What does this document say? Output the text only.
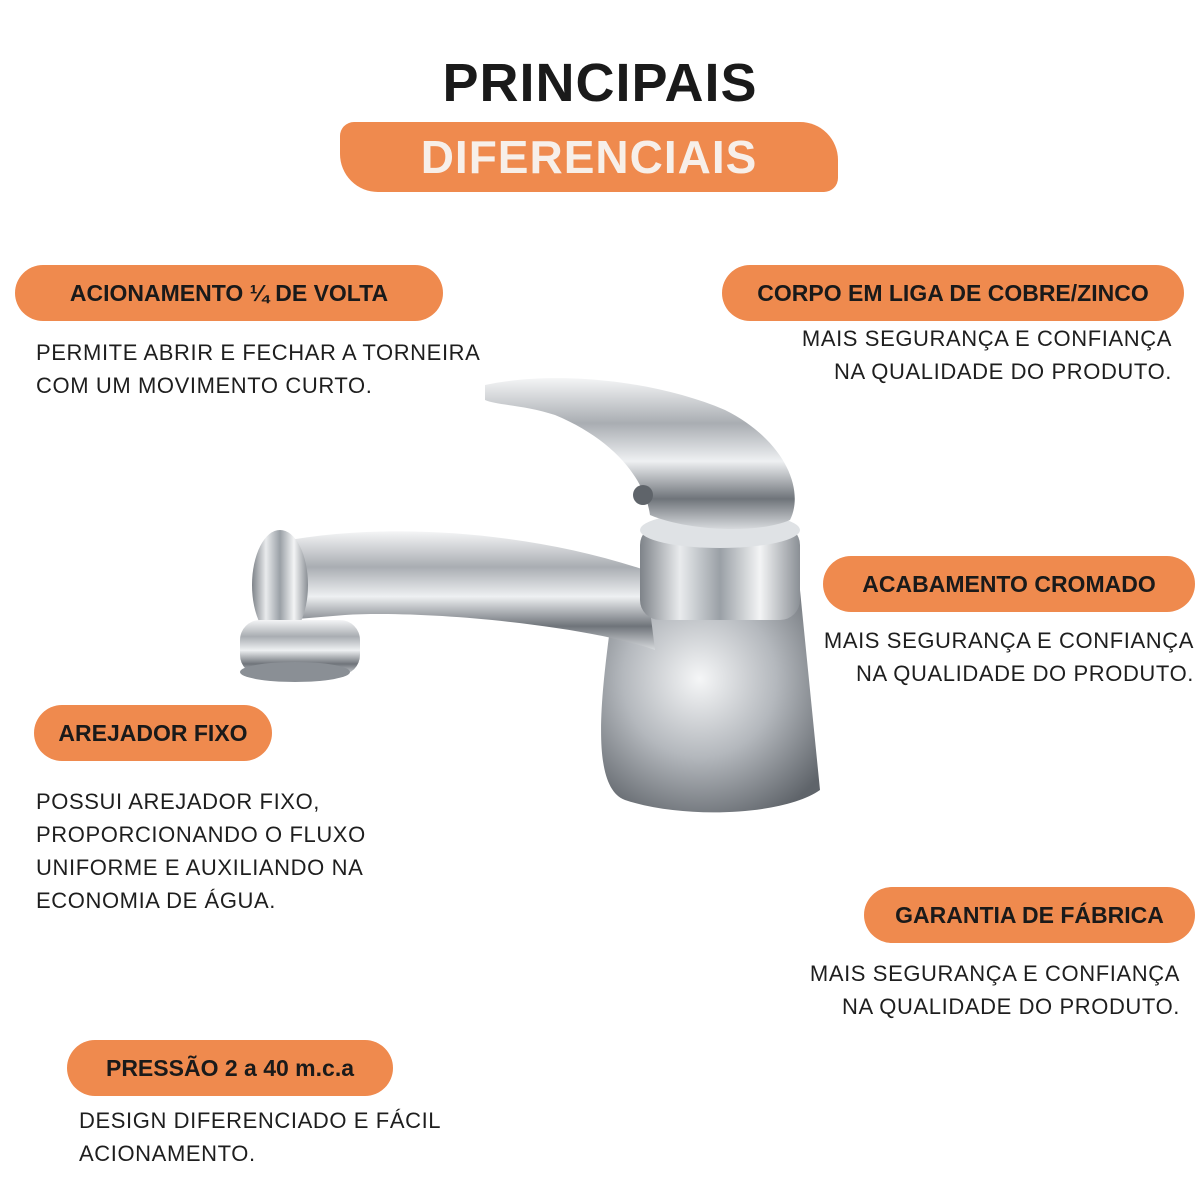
PRINCIPAIS
DIFERENCIAIS
ACIONAMENTO ¼ DE VOLTA
PERMITE ABRIR E FECHAR A TORNEIRA
COM UM MOVIMENTO CURTO.
CORPO EM LIGA DE COBRE/ZINCO
MAIS SEGURANÇA E CONFIANÇA
NA QUALIDADE DO PRODUTO.
ACABAMENTO CROMADO
MAIS SEGURANÇA E CONFIANÇA
NA QUALIDADE DO PRODUTO.
AREJADOR FIXO
POSSUI AREJADOR FIXO,
PROPORCIONANDO O FLUXO
UNIFORME E AUXILIANDO NA
ECONOMIA DE ÁGUA.
GARANTIA DE FÁBRICA
MAIS SEGURANÇA E CONFIANÇA
NA QUALIDADE DO PRODUTO.
PRESSÃO 2 a 40 m.c.a
DESIGN DIFERENCIADO E FÁCIL
ACIONAMENTO.
